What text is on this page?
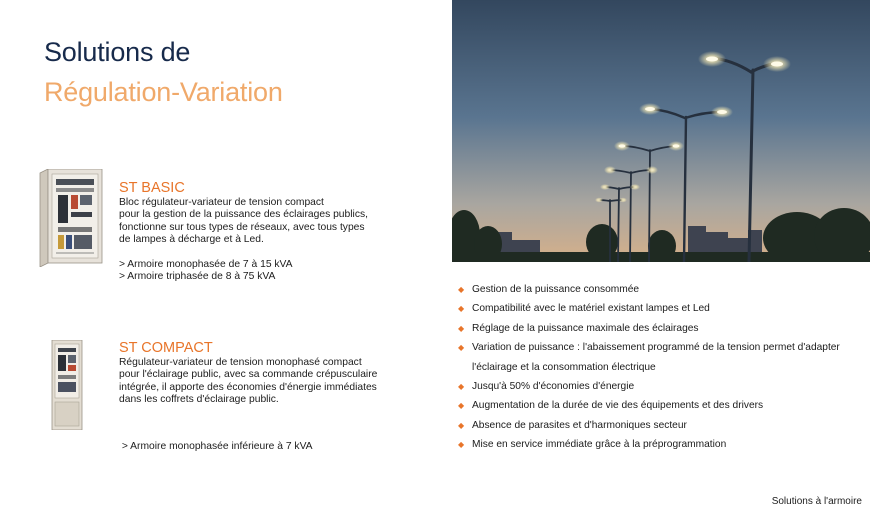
Solutions de
Régulation-Variation
ST BASIC
Bloc régulateur-variateur de tension compact
pour la gestion de la puissance des éclairages publics,
fonctionne sur tous types de réseaux, avec tous types
de lampes à décharge et à Led.
> Armoire monophasée de 7 à 15 kVA
> Armoire triphasée de 8 à 75 kVA
ST COMPACT
Régulateur-variateur de tension monophasé compact
pour l'éclairage public, avec sa commande crépusculaire
intégrée, il apporte des économies d'énergie immédiates
dans les coffrets d'éclairage public.

> Armoire monophasée inférieure à 7 kVA

◆ Gestion de la puissance consommée
◆ Compatibilité avec le matériel existant lampes et Led
◆ Réglage de la puissance maximale des éclairages
◆ Variation de puissance : l'abaissement programmé de la tension permet d'adapter
l'éclairage et la consommation électrique
◆ Jusqu'à 50% d'économies d'énergie
◆ Augmentation de la durée de vie des équipements et des drivers
◆ Absence de parasites et d'harmoniques secteur
◆ Mise en service immédiate grâce à la préprogrammation
Solutions à l'armoire
